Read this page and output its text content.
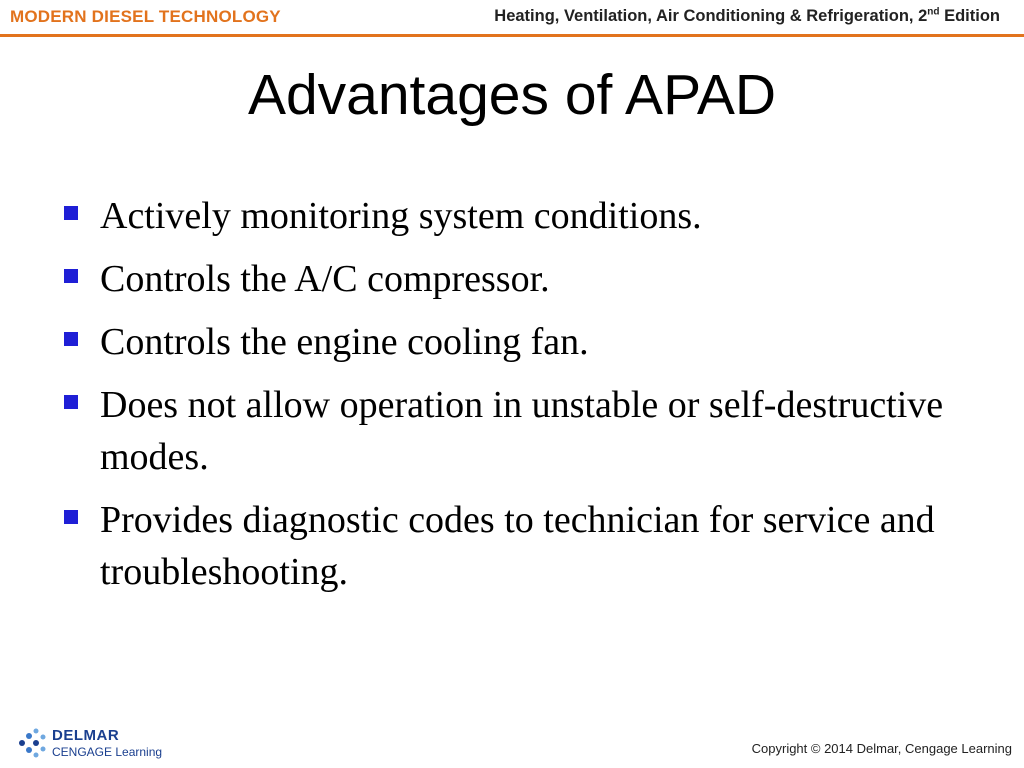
MODERN DIESEL TECHNOLOGY	Heating, Ventilation, Air Conditioning & Refrigeration, 2nd Edition
Advantages of APAD
Actively monitoring system conditions.
Controls the A/C compressor.
Controls the engine cooling fan.
Does not allow operation in unstable or self-destructive modes.
Provides diagnostic codes to technician for service and troubleshooting.
DELMAR
CENGAGE Learning	Copyright © 2014 Delmar, Cengage Learning
